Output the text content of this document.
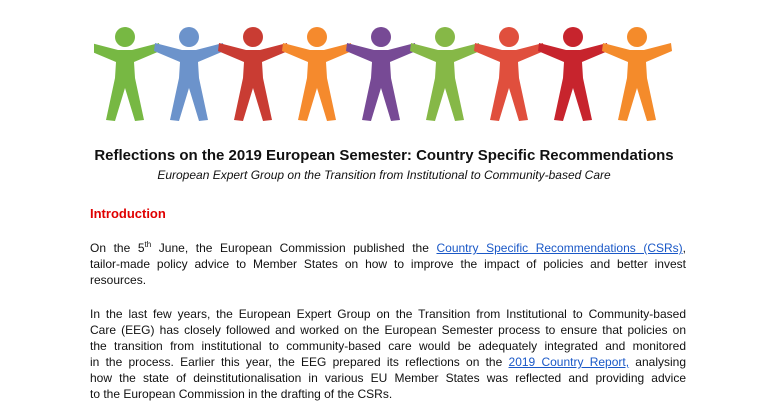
Reflections on the 2019 European Semester: Country Specific Recommendations
European Expert Group on the Transition from Institutional to Community-based Care
Introduction
On the 5th June, the European Commission published the Country Specific Recommendations (CSRs),
tailor-made policy advice to Member States on how to improve the impact of policies and better invest
resources.
In the last few years, the European Expert Group on the Transition from Institutional to Community-based
Care (EEG) has closely followed and worked on the European Semester process to ensure that policies on
the transition from institutional to community-based care would be adequately integrated and monitored
in the process. Earlier this year, the EEG prepared its reflections on the 2019 Country Report, analysing
how the state of deinstitutionalisation in various EU Member States was reflected and providing advice
to the European Commission in the drafting of the CSRs.
